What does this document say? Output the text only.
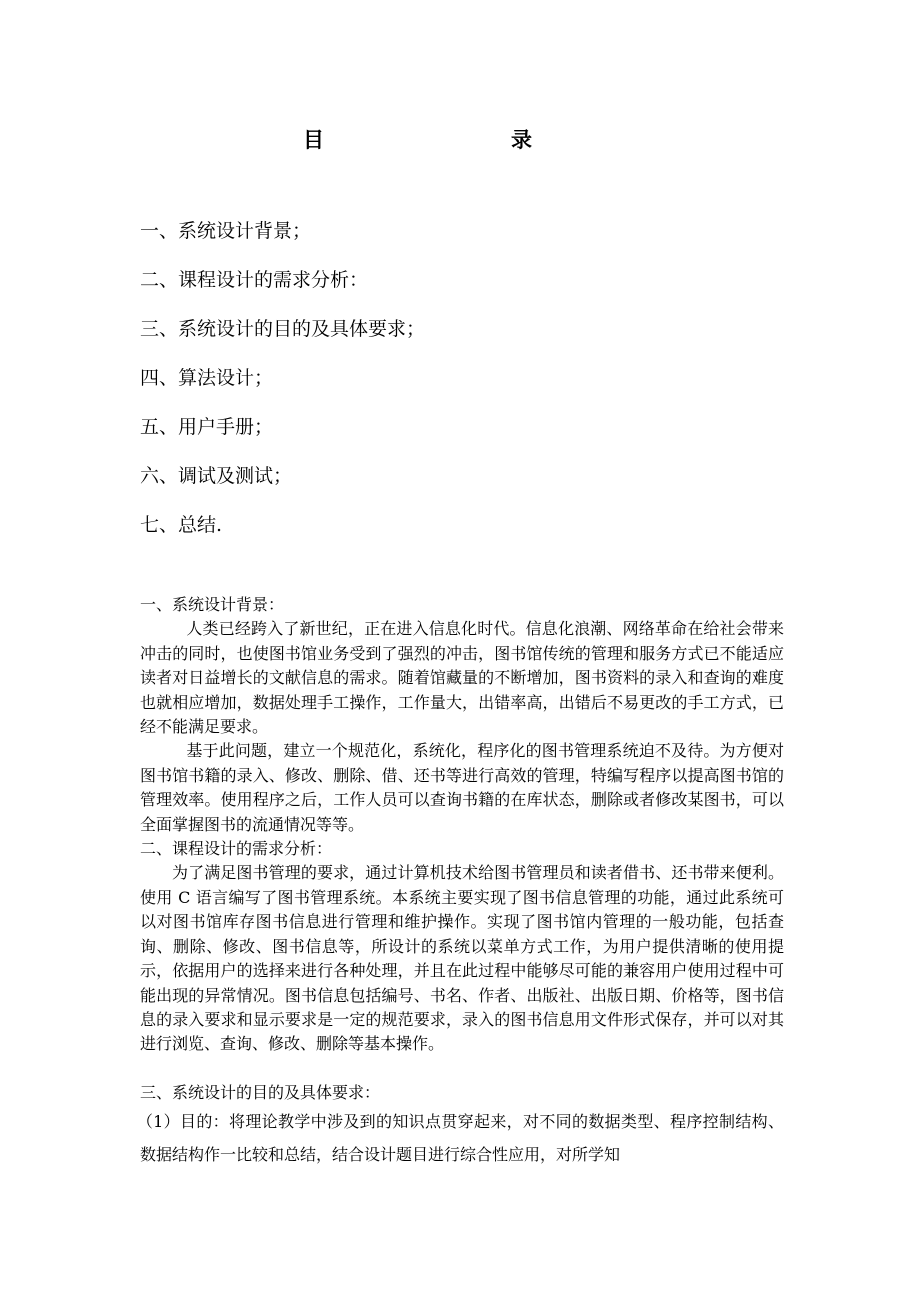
目	录
一、系统设计背景；
二、课程设计的需求分析：
三、系统设计的目的及具体要求；
四、算法设计；
五、用户手册；
六、调试及测试；
七、总结.

一、系统设计背景：

人类已经跨入了新世纪，正在进入信息化时代。信息化浪潮、网络革命在给社会带来冲击的同时，也使图书馆业务受到了强烈的冲击，图书馆传统的管理和服务方式已不能适应读者对日益增长的文献信息的需求。随着馆藏量的不断增加，图书资料的录入和查询的难度也就相应增加，数据处理手工操作，工作量大，出错率高，出错后不易更改的手工方式，已经不能满足要求。

基于此问题，建立一个规范化，系统化，程序化的图书管理系统迫不及待。为方便对图书馆书籍的录入、修改、删除、借、还书等进行高效的管理，特编写程序以提高图书馆的管理效率。使用程序之后，工作人员可以查询书籍的在库状态，删除或者修改某图书，可以全面掌握图书的流通情况等等。

二、课程设计的需求分析：

为了满足图书管理的要求，通过计算机技术给图书管理员和读者借书、还书带来便利。使用 C 语言编写了图书管理系统。本系统主要实现了图书信息管理的功能，通过此系统可以对图书馆库存图书信息进行管理和维护操作。实现了图书馆内管理的一般功能，包括查询、删除、修改、图书信息等，所设计的系统以菜单方式工作，为用户提供清晰的使用提示，依据用户的选择来进行各种处理，并且在此过程中能够尽可能的兼容用户使用过程中可能出现的异常情况。图书信息包括编号、书名、作者、出版社、出版日期、价格等，图书信息的录入要求和显示要求是一定的规范要求，录入的图书信息用文件形式保存，并可以对其进行浏览、查询、修改、删除等基本操作。

三、系统设计的目的及具体要求：

（1）目的：将理论教学中涉及到的知识点贯穿起来，对不同的数据类型、程序控制结构、数据结构作一比较和总结，结合设计题目进行综合性应用，对所学知
